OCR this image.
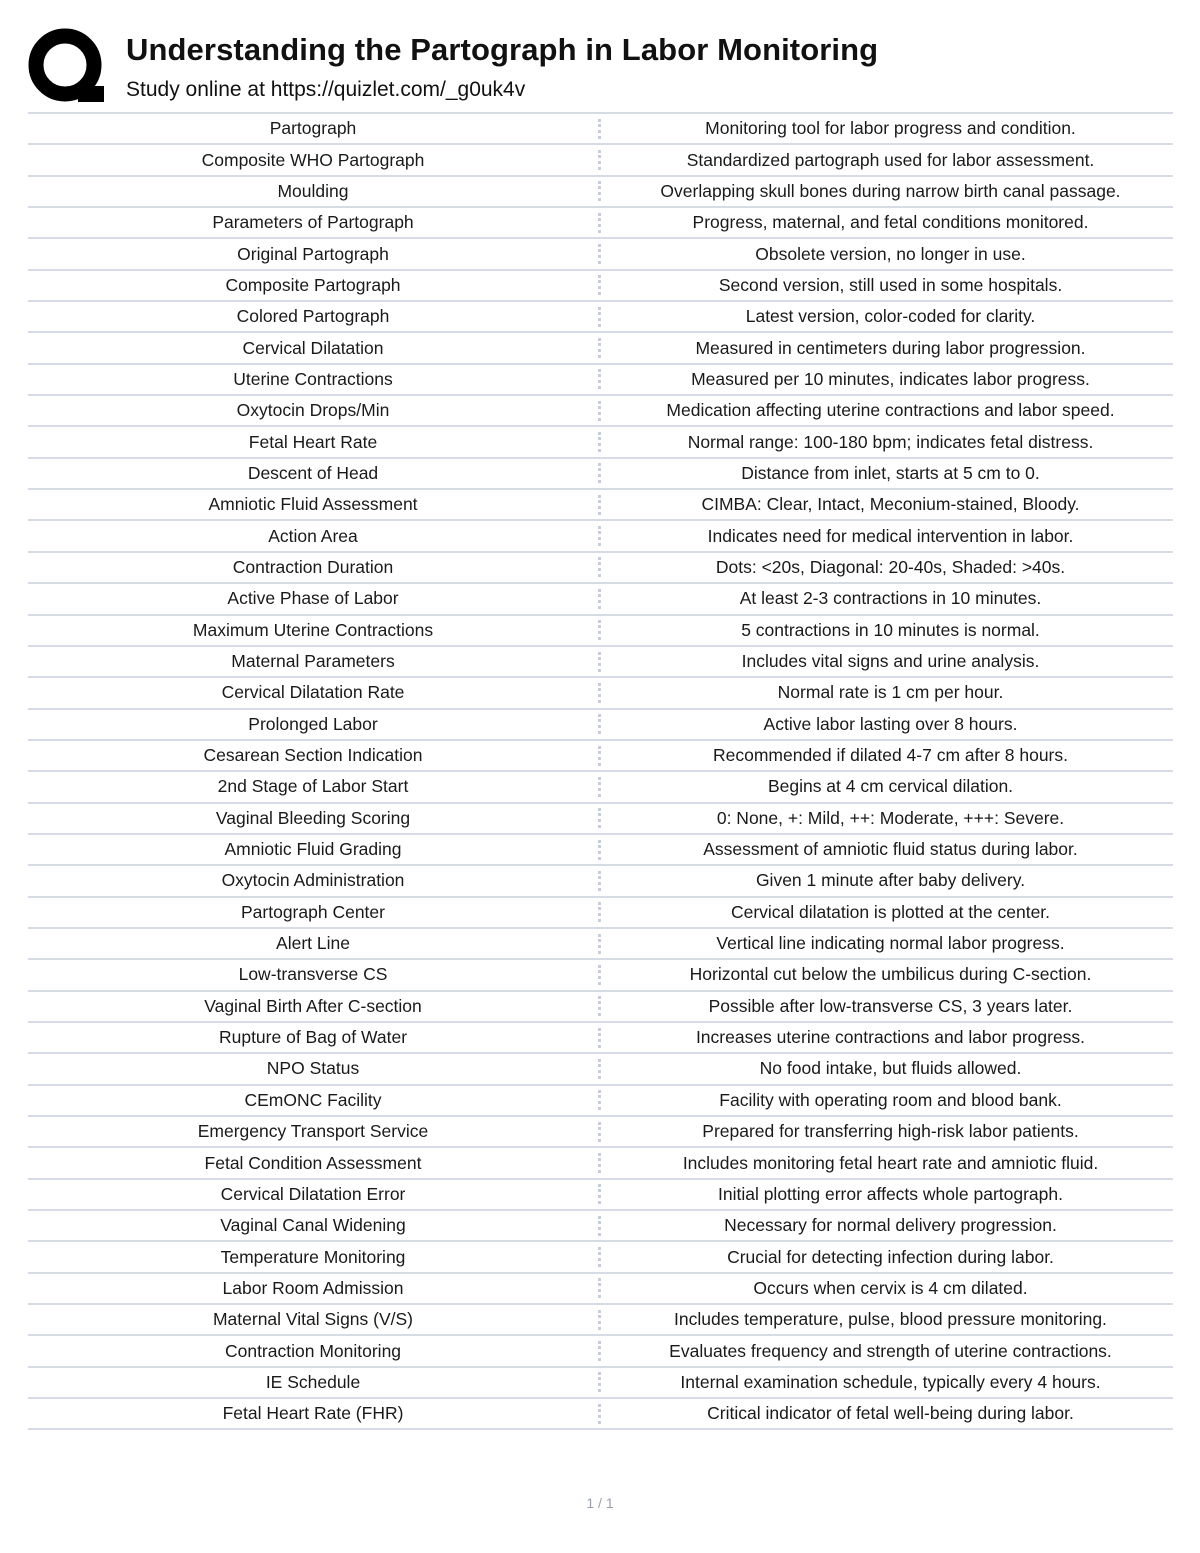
Understanding the Partograph in Labor Monitoring
Study online at https://quizlet.com/_g0uk4v
Partograph	Monitoring tool for labor progress and condition.
Composite WHO Partograph	Standardized partograph used for labor assessment.
Moulding	Overlapping skull bones during narrow birth canal passage.
Parameters of Partograph	Progress, maternal, and fetal conditions monitored.
Original Partograph	Obsolete version, no longer in use.
Composite Partograph	Second version, still used in some hospitals.
Colored Partograph	Latest version, color-coded for clarity.
Cervical Dilatation	Measured in centimeters during labor progression.
Uterine Contractions	Measured per 10 minutes, indicates labor progress.
Oxytocin Drops/Min	Medication affecting uterine contractions and labor speed.
Fetal Heart Rate	Normal range: 100-180 bpm; indicates fetal distress.
Descent of Head	Distance from inlet, starts at 5 cm to 0.
Amniotic Fluid Assessment	CIMBA: Clear, Intact, Meconium-stained, Bloody.
Action Area	Indicates need for medical intervention in labor.
Contraction Duration	Dots: <20s, Diagonal: 20-40s, Shaded: >40s.
Active Phase of Labor	At least 2-3 contractions in 10 minutes.
Maximum Uterine Contractions	5 contractions in 10 minutes is normal.
Maternal Parameters	Includes vital signs and urine analysis.
Cervical Dilatation Rate	Normal rate is 1 cm per hour.
Prolonged Labor	Active labor lasting over 8 hours.
Cesarean Section Indication	Recommended if dilated 4-7 cm after 8 hours.
2nd Stage of Labor Start	Begins at 4 cm cervical dilation.
Vaginal Bleeding Scoring	0: None, +: Mild, ++: Moderate, +++: Severe.
Amniotic Fluid Grading	Assessment of amniotic fluid status during labor.
Oxytocin Administration	Given 1 minute after baby delivery.
Partograph Center	Cervical dilatation is plotted at the center.
Alert Line	Vertical line indicating normal labor progress.
Low-transverse CS	Horizontal cut below the umbilicus during C-section.
Vaginal Birth After C-section	Possible after low-transverse CS, 3 years later.
Rupture of Bag of Water	Increases uterine contractions and labor progress.
NPO Status	No food intake, but fluids allowed.
CEmONC Facility	Facility with operating room and blood bank.
Emergency Transport Service	Prepared for transferring high-risk labor patients.
Fetal Condition Assessment	Includes monitoring fetal heart rate and amniotic fluid.
Cervical Dilatation Error	Initial plotting error affects whole partograph.
Vaginal Canal Widening	Necessary for normal delivery progression.
Temperature Monitoring	Crucial for detecting infection during labor.
Labor Room Admission	Occurs when cervix is 4 cm dilated.
Maternal Vital Signs (V/S)	Includes temperature, pulse, blood pressure monitoring.
Contraction Monitoring	Evaluates frequency and strength of uterine contractions.
IE Schedule	Internal examination schedule, typically every 4 hours.
Fetal Heart Rate (FHR)	Critical indicator of fetal well-being during labor.
1 / 1
